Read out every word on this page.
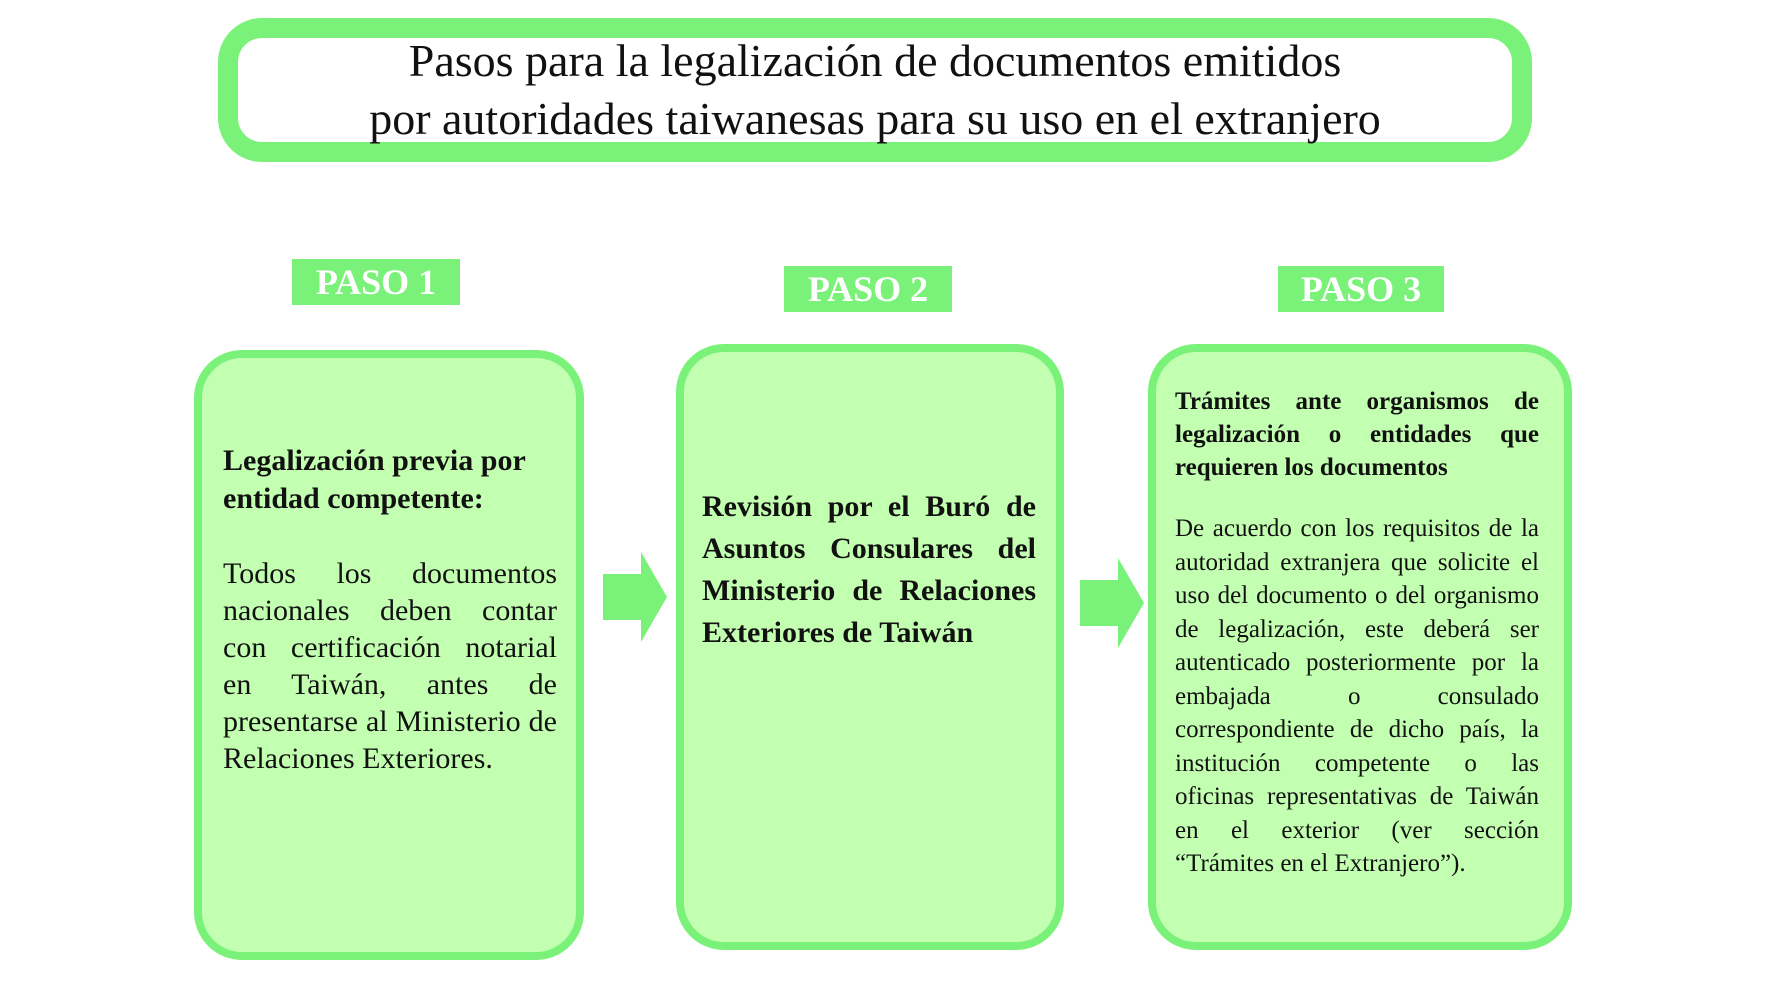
Pasos para la legalización de documentos emitidos
por autoridades taiwanesas para su uso en el extranjero
PASO 1	PASO 2	PASO 3

Legalización previa por entidad competente:

Todos los documentos nacionales deben contar con certificación notarial en Taiwán, antes de presentarse al Ministerio de Relaciones Exteriores.

Revisión por el Buró de Asuntos Consulares del Ministerio de Relaciones Exteriores de Taiwán

Trámites ante organismos de legalización o entidades que requieren los documentos

De acuerdo con los requisitos de la autoridad extranjera que solicite el uso del documento o del organismo de legalización, este deberá ser autenticado posteriormente por la embajada o consulado correspondiente de dicho país, la institución competente o las oficinas representativas de Taiwán en el exterior (ver sección “Trámites en el Extranjero”).
